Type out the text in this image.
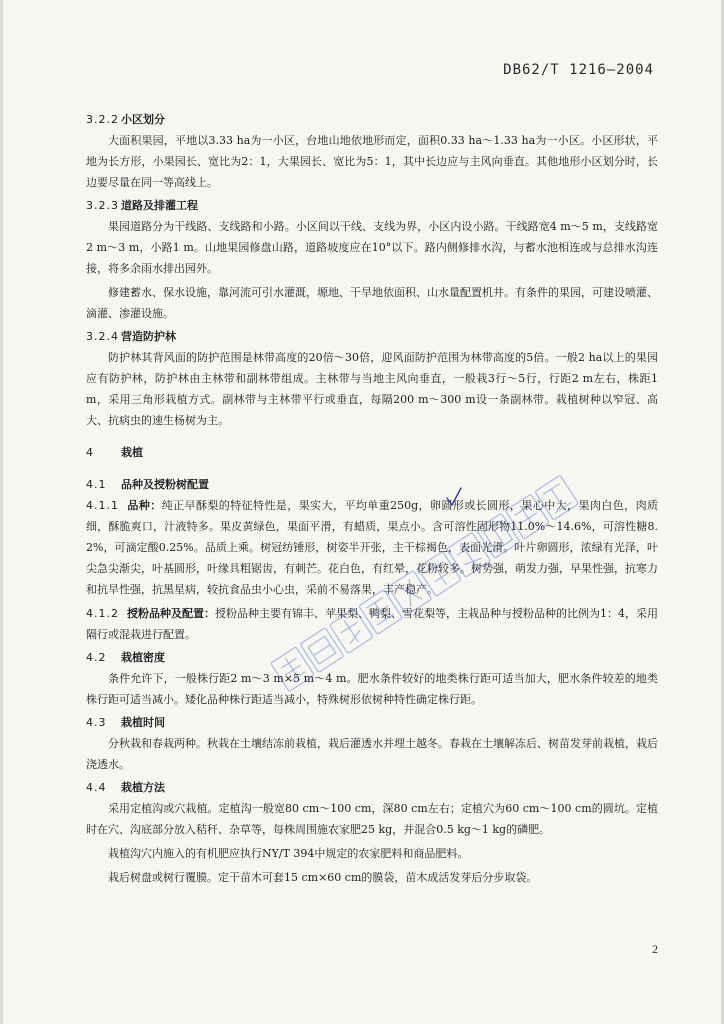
DB62/T 1216—2004
3.2.2 小区划分

大面积果园，平地以3.33 ha为一小区，台地山地依地形而定，面积0.33 ha～1.33 ha为一小区。小区形状，平地为长方形，小果园长、宽比为2：1，大果园长、宽比为5：1，其中长边应与主风向垂直。其他地形小区划分时，长边要尽量在同一等高线上。

3.2.3 道路及排灌工程

果园道路分为干线路、支线路和小路。小区间以干线、支线为界，小区内设小路。干线路宽4 m～5 m，支线路宽2 m～3 m，小路1 m。山地果园修盘山路，道路坡度应在10°以下。路内侧修排水沟，与蓄水池相连或与总排水沟连接，将多余雨水排出园外。

修建蓄水、保水设施，靠河流可引水灌溉，塬地、干旱地依面积、山水量配置机井。有条件的果园，可建设喷灌、滴灌、渗灌设施。

3.2.4 营造防护林

防护林其背风面的防护范围是林带高度的20倍～30倍，迎风面防护范围为林带高度的5倍。一般2 ha以上的果园应有防护林，防护林由主林带和副林带组成。主林带与当地主风向垂直，一般栽3行～5行，行距2 m左右，株距1 m，采用三角形栽植方式。副林带与主林带平行或垂直，每隔200 m～300 m设一条副林带。栽植树种以窄冠、高大、抗病虫的速生杨树为主。

4 栽植
4.1 品种及授粉树配置

4.1.1 品种：纯正早酥梨的特征特性是，果实大，平均单重250g，卵圆形或长圆形，果心中大，果肉白色，肉质细，酥脆爽口，汁液特多。果皮黄绿色，果面平滑，有蜡质，果点小。含可溶性固形物11.0%～14.6%，可溶性糖8.2%，可滴定酸0.25%。品质上乘。树冠纺锤形，树姿半开张，主干棕褐色，表面光滑。叶片卵圆形，浓绿有光泽，叶尖急尖渐尖，叶基圆形，叶缘具粗锯齿，有刺芒。花白色，有红晕，花粉较多。树势强，萌发力强，早果性强，抗寒力和抗旱性强，抗黑星病，较抗食品虫小心虫，采前不易落果，丰产稳产。

4.1.2 授粉品种及配置：授粉品种主要有锦丰、苹果梨、鸭梨、雪花梨等，主栽品种与授粉品种的比例为1：4，采用隔行或混栽进行配置。

4.2 栽植密度

条件允许下，一般株行距2 m～3 m×5 m～4 m。肥水条件较好的地类株行距可适当加大，肥水条件较差的地类株行距可适当减小。矮化品种株行距适当减小，特殊树形依树种特性确定株行距。

4.3 栽植时间

分秋栽和春栽两种。秋栽在土壤结冻前栽植，栽后灌透水并埋土越冬。春栽在土壤解冻后、树苗发芽前栽植，栽后浇透水。

4.4 栽植方法

采用定植沟或穴栽植。定植沟一般宽80 cm～100 cm，深80 cm左右；定植穴为60 cm～100 cm的圆坑。定植时在穴、沟底部分放入秸秆、杂草等，每株周围施农家肥25 kg，并混合0.5 kg～1 kg的磷肥。

栽植沟穴内施入的有机肥应执行NY/T 394中规定的农家肥料和商品肥料。

栽后树盘或树行覆膜。定干苗木可套15 cm×60 cm的膜袋，苗木成活发芽后分步取袋。

2
